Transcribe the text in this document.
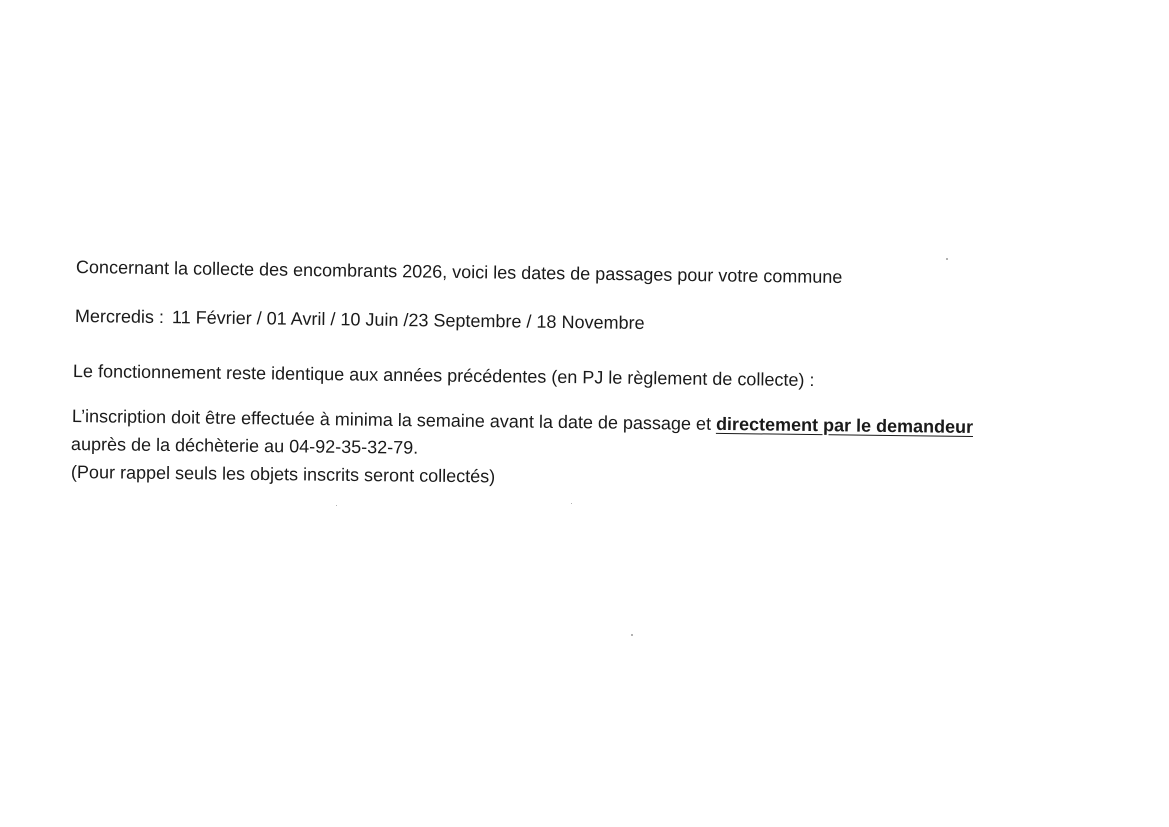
Concernant la collecte des encombrants 2026, voici les dates de passages pour votre commune
Mercredis : 11 Février / 01 Avril / 10 Juin /23 Septembre / 18 Novembre
Le fonctionnement reste identique aux années précédentes (en PJ le règlement de collecte) :
L’inscription doit être effectuée à minima la semaine avant la date de passage et directement par le demandeur
auprès de la déchèterie au 04-92-35-32-79.
(Pour rappel seuls les objets inscrits seront collectés)
